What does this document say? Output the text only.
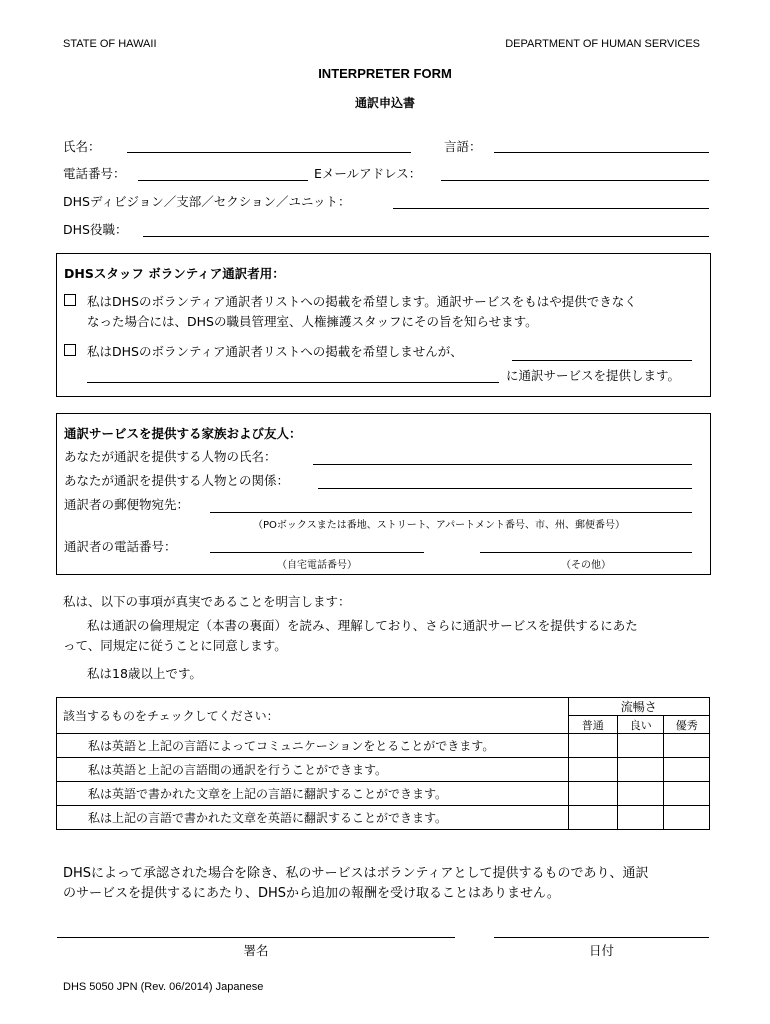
STATE OF HAWAII	DEPARTMENT OF HUMAN SERVICES
INTERPRETER FORM
通訳申込書
氏名：	言語：
電話番号：	Eメールアドレス：
DHSディビジョン／支部／セクション／ユニット：
DHS役職：
DHSスタッフ ボランティア通訳者用：
私はDHSのボランティア通訳者リストへの掲載を希望します。通訳サービスをもはや提供できなく
なった場合には、DHSの職員管理室、人権擁護スタッフにその旨を知らせます。
私はDHSのボランティア通訳者リストへの掲載を希望しませんが、
に通訳サービスを提供します。
通訳サービスを提供する家族および友人：
あなたが通訳を提供する人物の氏名：
あなたが通訳を提供する人物との関係：
通訳者の郵便物宛先：
（POボックスまたは番地、ストリート、アパートメント番号、市、州、郵便番号）
通訳者の電話番号：
（自宅電話番号）	（その他）
私は、以下の事項が真実であることを明言します：
私は通訳の倫理規定（本書の裏面）を読み、理解しており、さらに通訳サービスを提供するにあた
って、同規定に従うことに同意します。
私は18歳以上です。
該当するものをチェックしてください：	流暢さ		
	普通	良い	優秀
私は英語と上記の言語によってコミュニケーションをとることができます。			
私は英語と上記の言語間の通訳を行うことができます。			
私は英語で書かれた文章を上記の言語に翻訳することができます。			
私は上記の言語で書かれた文章を英語に翻訳することができます。			
DHSによって承認された場合を除き、私のサービスはボランティアとして提供するものであり、通訳
のサービスを提供するにあたり、DHSから追加の報酬を受け取ることはありません。
署名	日付
DHS 5050 JPN (Rev. 06/2014) Japanese
